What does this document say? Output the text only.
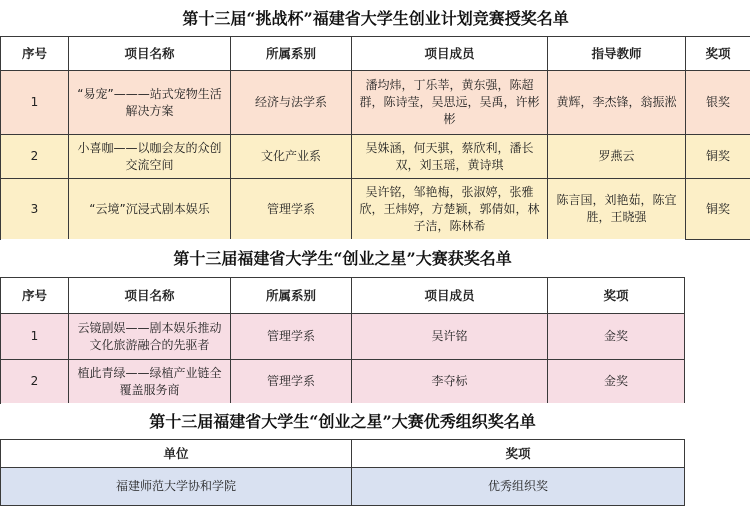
第十三届“挑战杯”福建省大学生创业计划竞赛授奖名单					
序号	项目名称	所属系别	项目成员	指导教师	奖项
1	“易宠”———站式宠物生活解决方案	经济与法学系	潘均炜，丁乐莘，黄东强，陈超群，陈诗莹，吴思远，吴禹，许彬彬	黄辉，李杰锋，翁振淞	银奖
2	小喜咖——以咖会友的众创交流空间	文化产业系	吴姝涵，何天骐，蔡欣利，潘长双，刘玉瑶，黄诗琪	罗燕云	铜奖
3	“云境”沉浸式剧本娱乐	管理学系	吴许铭，邹艳梅，张淑婷，张雅欣，王炜婷，方楚颖，郭倩如，林子洁，陈林希	陈言国，刘艳茹，陈宜胜，王晓强	铜奖
第十三届福建省大学生“创业之星”大赛获奖名单				
序号	项目名称	所属系别	项目成员	奖项
1	云镜剧娱——剧本娱乐推动文化旅游融合的先驱者	管理学系	吴许铭	金奖
2	植此青绿——绿植产业链全覆盖服务商	管理学系	李夺标	金奖
第十三届福建省大学生“创业之星”大赛优秀组织奖名单	
单位	奖项
福建师范大学协和学院	优秀组织奖
